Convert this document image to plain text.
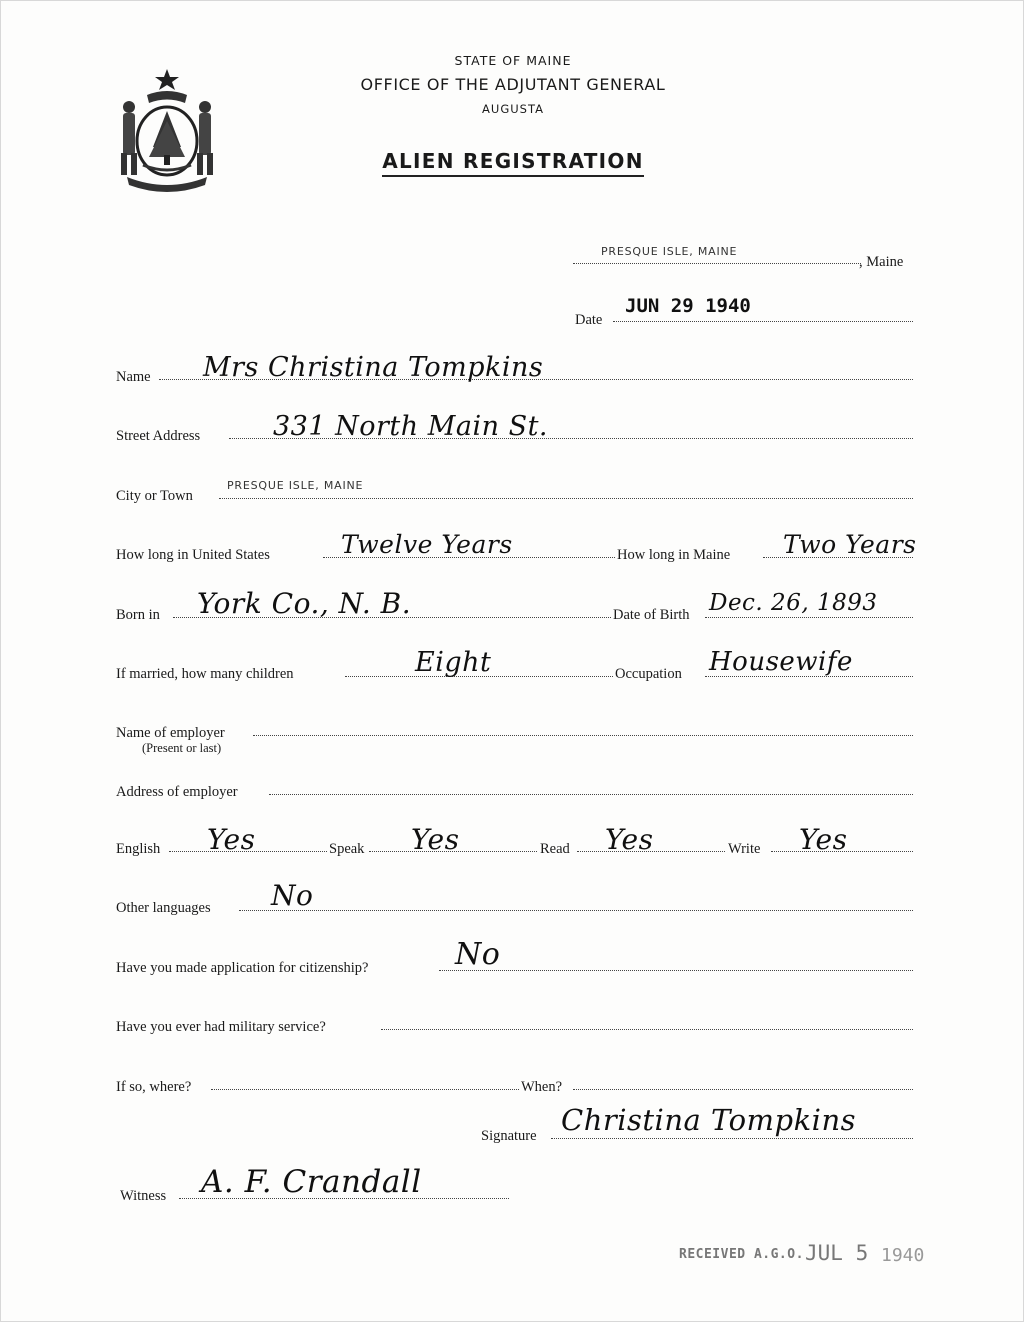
STATE OF MAINE
OFFICE OF THE ADJUTANT GENERAL
AUGUSTA
ALIEN REGISTRATION
PRESQUE ISLE, MAINE
, Maine
Date
JUN 29 1940
Name Mrs Christina Tompkins
Street Address	331 North Main St.
City or Town
PRESQUE ISLE, MAINE
How long in United States	Twelve Years	How long in Maine Two Years
Born in York Co., N. B.	Date of Birth Dec. 26, 1893
If married, how many children	Eight	Occupation Housewife
Name of employer
(Present or last)
Address of employer
English Yes	Speak Yes	Read Yes	Write Yes
Other languages No
Have you made application for citizenship?	No
Have you ever had military service?
If so, where?	When?
Signature Christina Tompkins
Witness A. F. Crandall
RECEIVED A.G.O. JUL 5 1940
